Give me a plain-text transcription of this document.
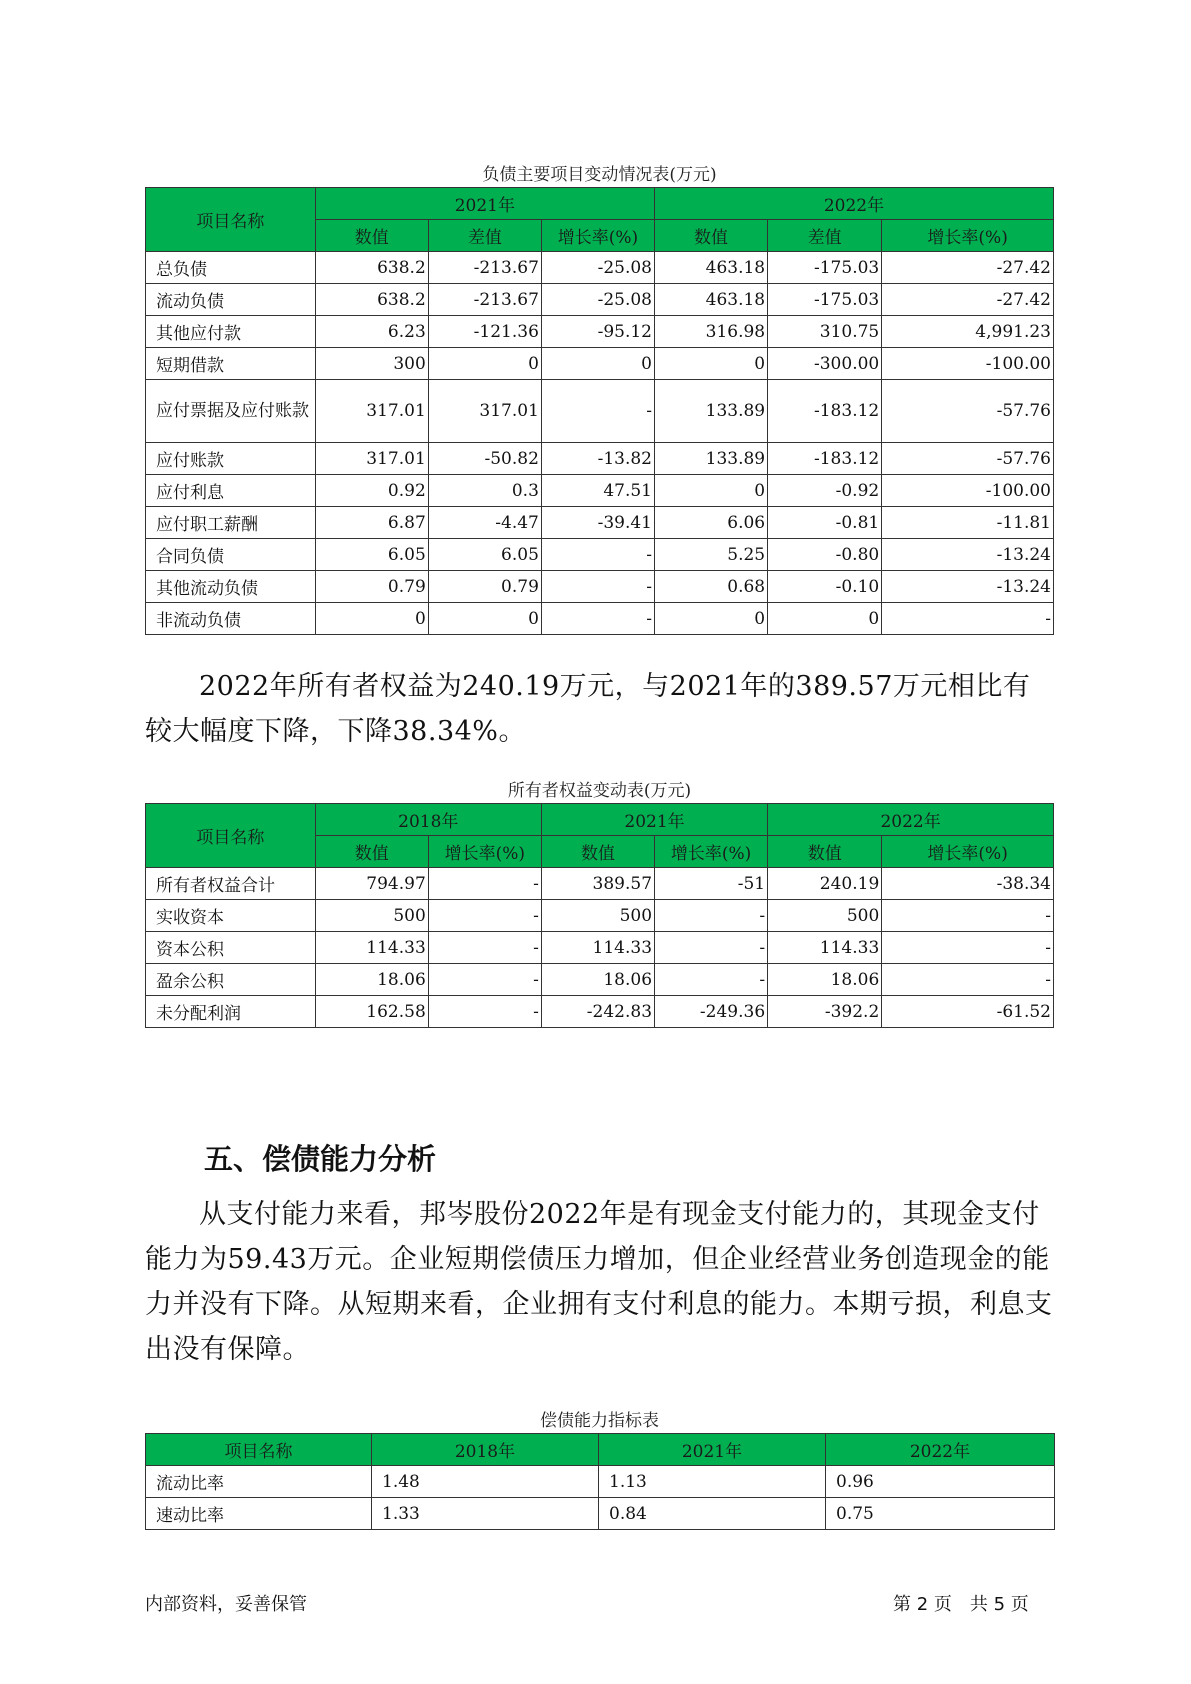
负债主要项目变动情况表(万元)
项目名称	2021年			2022年		
	数值	差值	增长率(%)	数值	差值	增长率(%)
总负债	638.2	-213.67	-25.08	463.18	-175.03	-27.42
流动负债	638.2	-213.67	-25.08	463.18	-175.03	-27.42
其他应付款	6.23	-121.36	-95.12	316.98	310.75	4,991.23
短期借款	300	0	0	0	-300.00	-100.00
应付票据及应付账款	317.01	317.01	-	133.89	-183.12	-57.76
应付账款	317.01	-50.82	-13.82	133.89	-183.12	-57.76
应付利息	0.92	0.3	47.51	0	-0.92	-100.00
应付职工薪酬	6.87	-4.47	-39.41	6.06	-0.81	-11.81
合同负债	6.05	6.05	-	5.25	-0.80	-13.24
其他流动负债	0.79	0.79	-	0.68	-0.10	-13.24
非流动负债	0	0	-	0	0	-
2022年所有者权益为240.19万元，与2021年的389.57万元相比有较大幅度下降，下降38.34%。
所有者权益变动表(万元)
项目名称	2018年		2021年		2022年	
	数值	增长率(%)	数值	增长率(%)	数值	增长率(%)
所有者权益合计	794.97	-	389.57	-51	240.19	-38.34
实收资本	500	-	500	-	500	-
资本公积	114.33	-	114.33	-	114.33	-
盈余公积	18.06	-	18.06	-	18.06	-
未分配利润	162.58	-	-242.83	-249.36	-392.2	-61.52
五、偿债能力分析
从支付能力来看，邦岑股份2022年是有现金支付能力的，其现金支付能力为59.43万元。企业短期偿债压力增加，但企业经营业务创造现金的能力并没有下降。从短期来看，企业拥有支付利息的能力。本期亏损，利息支出没有保障。
偿债能力指标表
项目名称	2018年	2021年	2022年
流动比率	1.48	1.13	0.96
速动比率	1.33	0.84	0.75
内部资料，妥善保管	第 2 页　共 5 页
